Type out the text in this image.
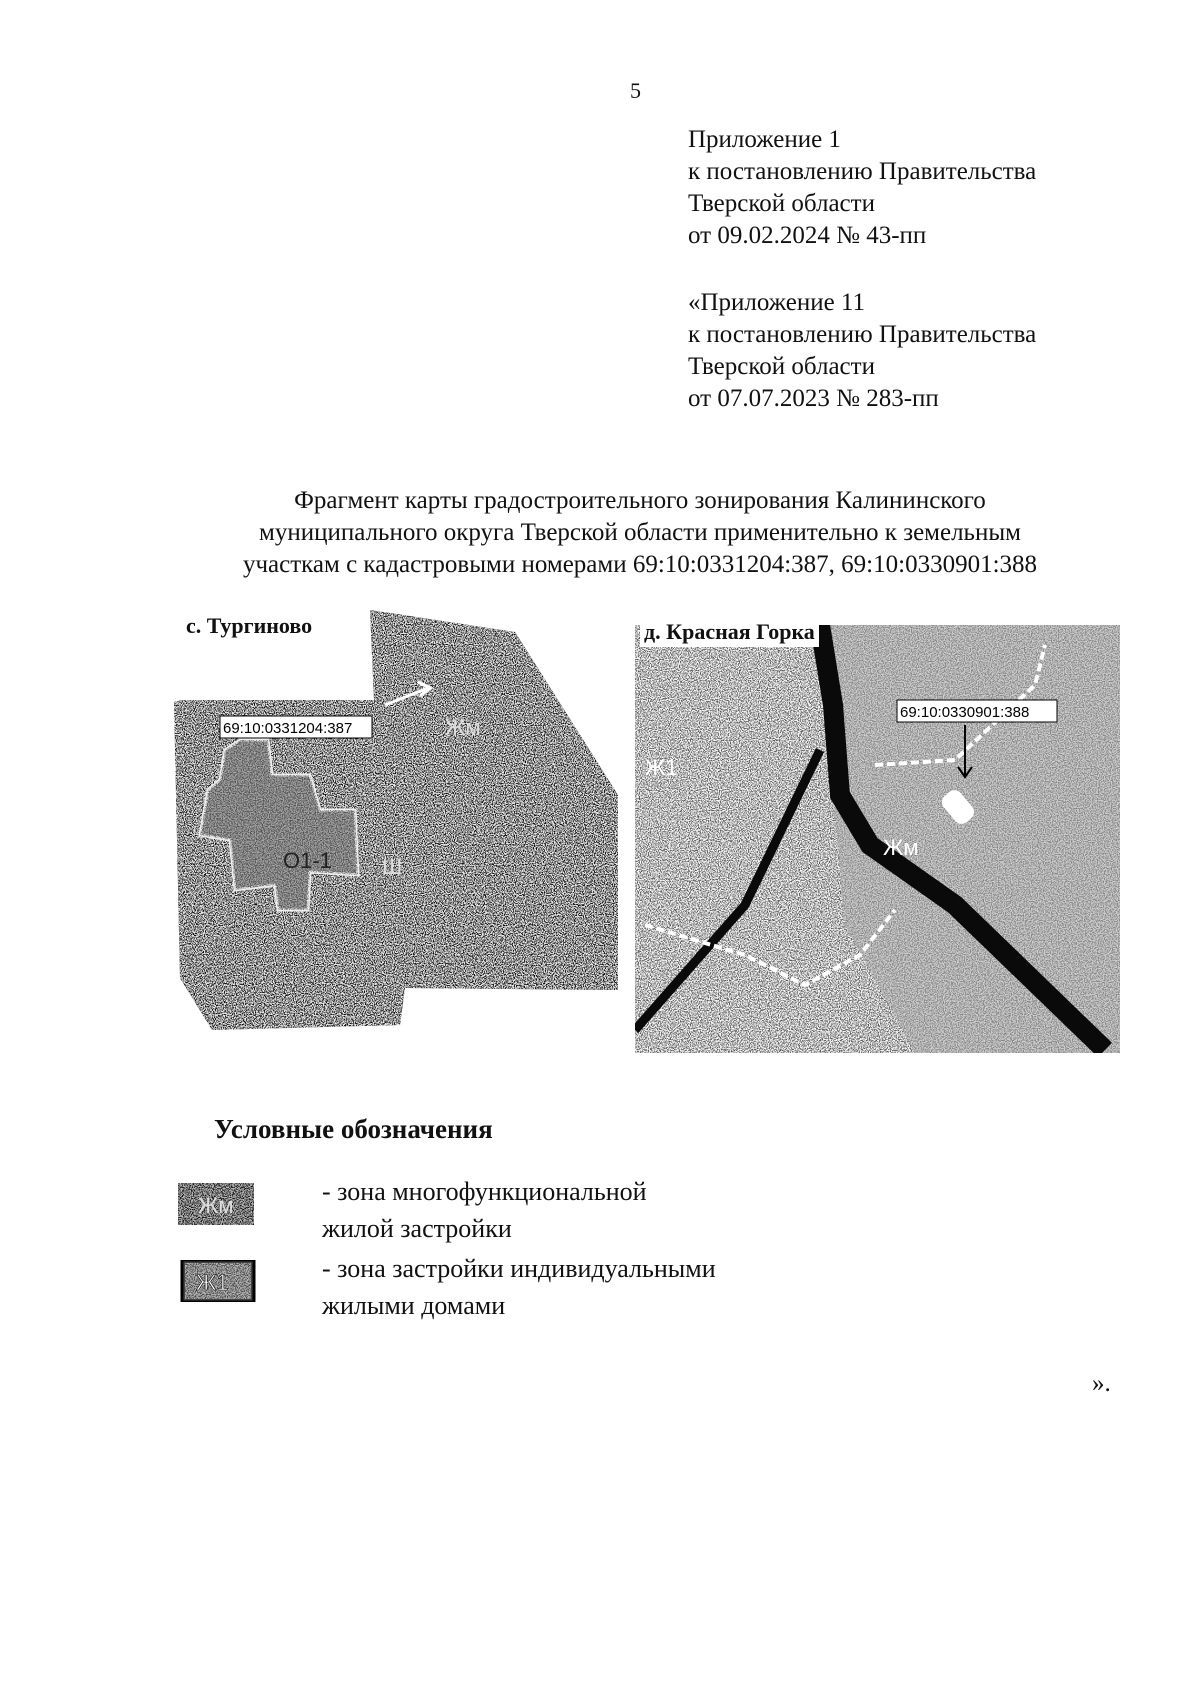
5
Приложение 1
к постановлению Правительства
Тверской области
от 09.02.2024 № 43-пп
«Приложение 11
к постановлению Правительства
Тверской области
от 07.07.2023 № 283-пп
Фрагмент карты градостроительного зонирования Калининского
муниципального округа Тверской области применительно к земельным
участкам с кадастровыми номерами 69:10:0331204:387, 69:10:0330901:388
69:10:0331204:387	Жм
О1-1 Ш
с. Тургиново
69:10:0330901:388
Ж1
Жм
д. Красная Горка
Условные обозначения
Жм	- зона многофункциональной
жилой застройки
Ж1	- зона застройки индивидуальными
жилыми домами
».
